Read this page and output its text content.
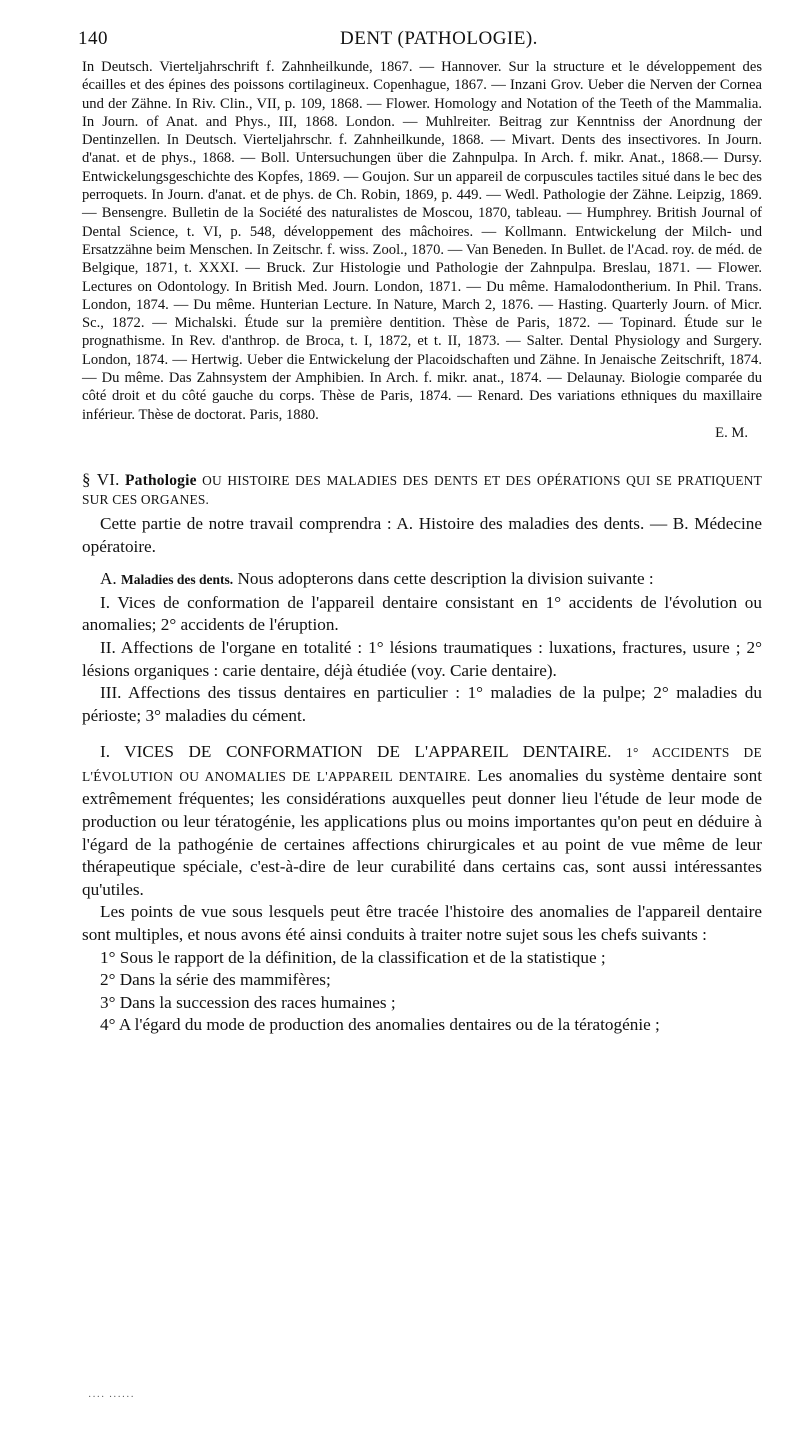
140	DENT (PATHOLOGIE).

In Deutsch. Vierteljahrschrift f. Zahnheilkunde, 1867. — Hannover. Sur la structure et le développement des écailles et des épines des poissons cortilagineux. Copenhague, 1867. — Inzani Grov. Ueber die Nerven der Cornea und der Zähne. In Riv. Clin., VII, p. 109, 1868. — Flower. Homology and Notation of the Teeth of the Mammalia. In Journ. of Anat. and Phys., III, 1868. London. — Muhlreiter. Beitrag zur Kenntniss der Anordnung der Dentinzellen. In Deutsch. Vierteljahrschr. f. Zahnheilkunde, 1868. — Mivart. Dents des insectivores. In Journ. d'anat. et de phys., 1868. — Boll. Untersuchungen über die Zahnpulpa. In Arch. f. mikr. Anat., 1868.— Dursy. Entwickelungsgeschichte des Kopfes, 1869. — Goujon. Sur un appareil de corpuscules tactiles situé dans le bec des perroquets. In Journ. d'anat. et de phys. de Ch. Robin, 1869, p. 449. — Wedl. Pathologie der Zähne. Leipzig, 1869. — Bensengre. Bulletin de la Société des naturalistes de Moscou, 1870, tableau. — Humphrey. British Journal of Dental Science, t. VI, p. 548, développement des mâchoires. — Kollmann. Entwickelung der Milch- und Ersatzzähne beim Menschen. In Zeitschr. f. wiss. Zool., 1870. — Van Beneden. In Bullet. de l'Acad. roy. de méd. de Belgique, 1871, t. XXXI. — Bruck. Zur Histologie und Pathologie der Zahnpulpa. Breslau, 1871. — Flower. Lectures on Odontology. In British Med. Journ. London, 1871. — Du même. Hamalodontherium. In Phil. Trans. London, 1874. — Du même. Hunterian Lecture. In Nature, March 2, 1876. — Hasting. Quarterly Journ. of Micr. Sc., 1872. — Michalski. Étude sur la première dentition. Thèse de Paris, 1872. — Topinard. Étude sur le prognathisme. In Rev. d'anthrop. de Broca, t. I, 1872, et t. II, 1873. — Salter. Dental Physiology and Surgery. London, 1874. — Hertwig. Ueber die Entwickelung der Placoidschaften und Zähne. In Jenaische Zeitschrift, 1874. — Du même. Das Zahnsystem der Amphibien. In Arch. f. mikr. anat., 1874. — Delaunay. Biologie comparée du côté droit et du côté gauche du corps. Thèse de Paris, 1874. — Renard. Des variations ethniques du maxillaire inférieur. Thèse de doctorat. Paris, 1880.

E. M.

§ VI. Pathologie OU HISTOIRE DES MALADIES DES DENTS ET DES OPÉRATIONS QUI SE PRATIQUENT SUR CES ORGANES.

Cette partie de notre travail comprendra : A. Histoire des maladies des dents. — B. Médecine opératoire.

A. Maladies des dents. Nous adopterons dans cette description la division suivante :

I. Vices de conformation de l'appareil dentaire consistant en 1° accidents de l'évolution ou anomalies; 2° accidents de l'éruption.

II. Affections de l'organe en totalité : 1° lésions traumatiques : luxations, fractures, usure ; 2° lésions organiques : carie dentaire, déjà étudiée (voy. Carie dentaire).

III. Affections des tissus dentaires en particulier : 1° maladies de la pulpe; 2° maladies du périoste; 3° maladies du cément.

I. VICES DE CONFORMATION DE L'APPAREIL DENTAIRE. 1° ACCIDENTS DE L'ÉVOLUTION OU ANOMALIES DE L'APPAREIL DENTAIRE. Les anomalies du système dentaire sont extrêmement fréquentes; les considérations auxquelles peut donner lieu l'étude de leur mode de production ou leur tératogénie, les applications plus ou moins importantes qu'on peut en déduire à l'égard de la pathogénie de certaines affections chirurgicales et au point de vue même de leur thérapeutique spéciale, c'est-à-dire de leur curabilité dans certains cas, sont aussi intéressantes qu'utiles.

Les points de vue sous lesquels peut être tracée l'histoire des anomalies de l'appareil dentaire sont multiples, et nous avons été ainsi conduits à traiter notre sujet sous les chefs suivants :

1° Sous le rapport de la définition, de la classification et de la statistique ;

2° Dans la série des mammifères;

3° Dans la succession des races humaines ;

4° A l'égard du mode de production des anomalies dentaires ou de la tératogénie ;

···· ······
